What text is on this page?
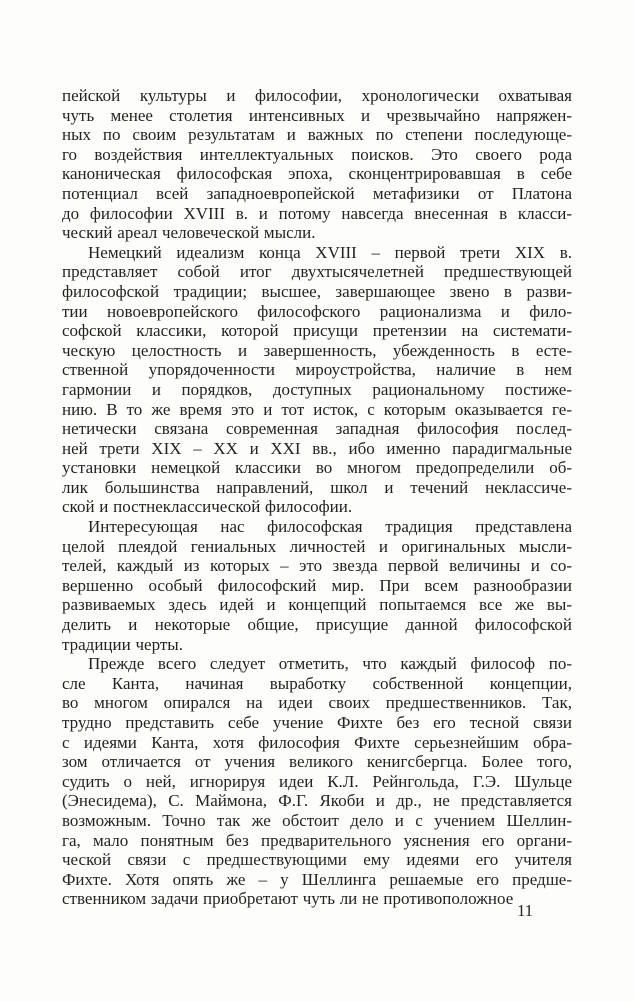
пейской культуры и философии, хронологически охватывая
чуть менее столетия интенсивных и чрезвычайно напряжен-
ных по своим результатам и важных по степени последующе-
го воздействия интеллектуальных поисков. Это своего рода
каноническая философская эпоха, сконцентрировавшая в себе
потенциал всей западноевропейской метафизики от Платона
до философии XVIII в. и потому навсегда внесенная в класси-
ческий ареал человеческой мысли.
Немецкий идеализм конца XVIII – первой трети XIX в.
представляет собой итог двухтысячелетней предшествующей
философской традиции; высшее, завершающее звено в разви-
тии новоевропейского философского рационализма и фило-
софской классики, которой присущи претензии на системати-
ческую целостность и завершенность, убежденность в есте-
ственной упорядоченности мироустройства, наличие в нем
гармонии и порядков, доступных рациональному постиже-
нию. В то же время это и тот исток, с которым оказывается ге-
нетически связана современная западная философия послед-
ней трети XIX – XX и XXI вв., ибо именно парадигмальные
установки немецкой классики во многом предопределили об-
лик большинства направлений, школ и течений неклассиче-
ской и постнеклассической философии.
Интересующая нас философская традиция представлена
целой плеядой гениальных личностей и оригинальных мысли-
телей, каждый из которых – это звезда первой величины и со-
вершенно особый философский мир. При всем разнообразии
развиваемых здесь идей и концепций попытаемся все же вы-
делить и некоторые общие, присущие данной философской
традиции черты.
Прежде всего следует отметить, что каждый философ по-
сле Канта, начиная выработку собственной концепции,
во многом опирался на идеи своих предшественников. Так,
трудно представить себе учение Фихте без его тесной связи
с идеями Канта, хотя философия Фихте серьезнейшим обра-
зом отличается от учения великого кенигсбергца. Более того,
судить о ней, игнорируя идеи К.Л. Рейнгольда, Г.Э. Шульце
(Энесидема), С. Маймона, Ф.Г. Якоби и др., не представляется
возможным. Точно так же обстоит дело и с учением Шеллин-
га, мало понятным без предварительного уяснения его органи-
ческой связи с предшествующими ему идеями его учителя
Фихте. Хотя опять же – у Шеллинга решаемые его предше-
ственником задачи приобретают чуть ли не противоположное
11
